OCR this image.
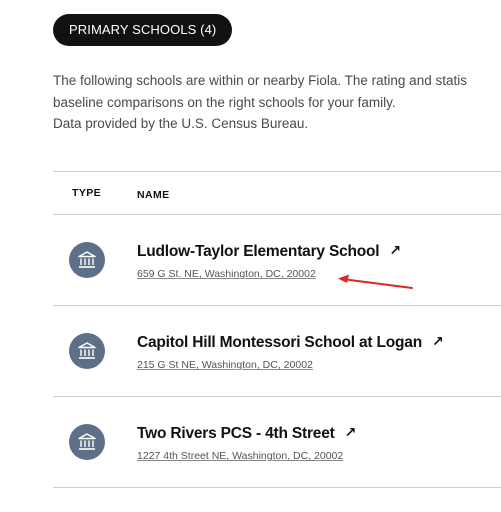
PRIMARY SCHOOLS (4)
The following schools are within or nearby Fiola. The rating and statis
baseline comparisons on the right schools for your family.
Data provided by the U.S. Census Bureau.
TYPE	NAME
Ludlow-Taylor Elementary School ↗
659 G St. NE, Washington, DC, 20002
Capitol Hill Montessori School at Logan ↗
215 G St NE, Washington, DC, 20002
Two Rivers PCS - 4th Street ↗
1227 4th Street NE, Washington, DC, 20002
